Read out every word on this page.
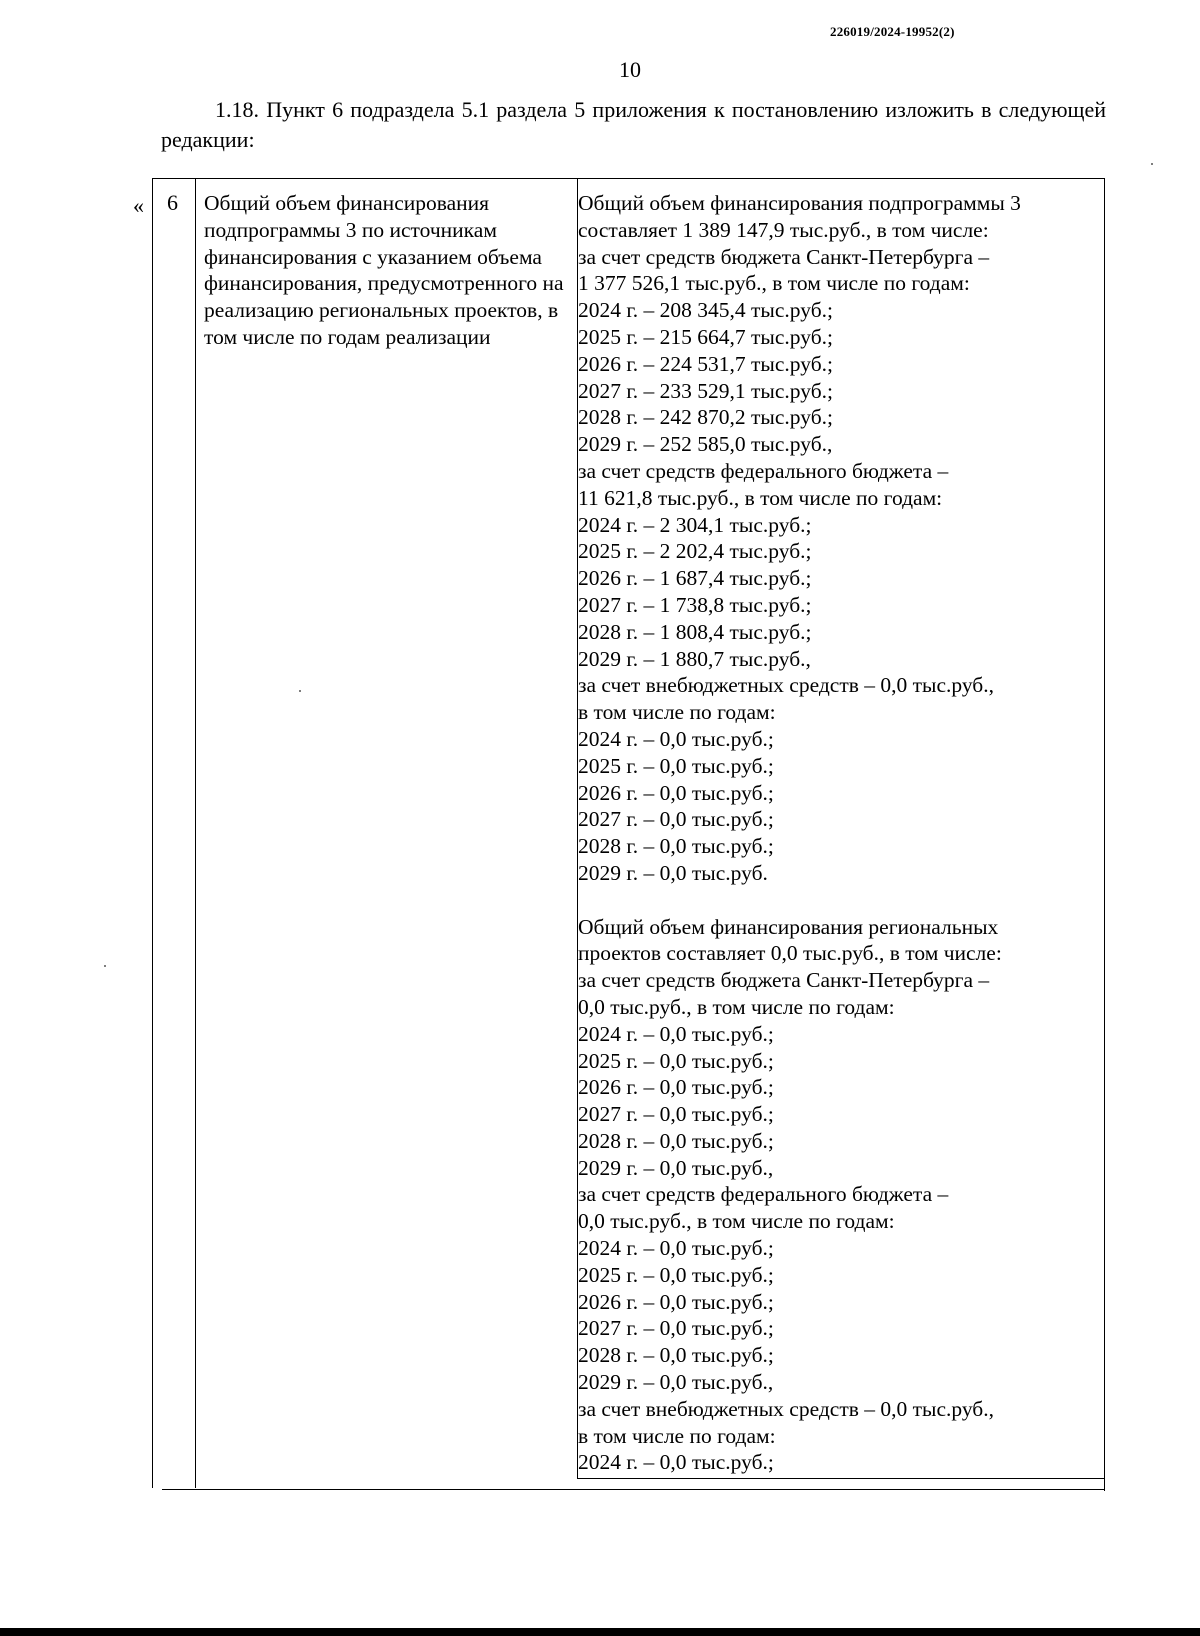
226019/2024-19952(2)
10
1.18. Пункт 6 подраздела 5.1 раздела 5 приложения к постановлению изложить в следующей редакции:
« 6 Общий объем финансирования подпрограммы 3 по источникам финансирования с указанием объема финансирования, предусмотренного на реализацию региональных проектов, в том числе по годам реализации
Общий объем финансирования подпрограммы 3
составляет 1 389 147,9 тыс.руб., в том числе:
за счет средств бюджета Санкт-Петербурга –
1 377 526,1 тыс.руб., в том числе по годам:
2024 г. – 208 345,4 тыс.руб.;
2025 г. – 215 664,7 тыс.руб.;
2026 г. – 224 531,7 тыс.руб.;
2027 г. – 233 529,1 тыс.руб.;
2028 г. – 242 870,2 тыс.руб.;
2029 г. – 252 585,0 тыс.руб.,
за счет средств федерального бюджета –
11 621,8 тыс.руб., в том числе по годам:
2024 г. – 2 304,1 тыс.руб.;
2025 г. – 2 202,4 тыс.руб.;
2026 г. – 1 687,4 тыс.руб.;
2027 г. – 1 738,8 тыс.руб.;
2028 г. – 1 808,4 тыс.руб.;
2029 г. – 1 880,7 тыс.руб.,
за счет внебюджетных средств – 0,0 тыс.руб.,
в том числе по годам:
2024 г. – 0,0 тыс.руб.;
2025 г. – 0,0 тыс.руб.;
2026 г. – 0,0 тыс.руб.;
2027 г. – 0,0 тыс.руб.;
2028 г. – 0,0 тыс.руб.;
2029 г. – 0,0 тыс.руб.
Общий объем финансирования региональных
проектов составляет 0,0 тыс.руб., в том числе:
за счет средств бюджета Санкт-Петербурга –
0,0 тыс.руб., в том числе по годам:
2024 г. – 0,0 тыс.руб.;
2025 г. – 0,0 тыс.руб.;
2026 г. – 0,0 тыс.руб.;
2027 г. – 0,0 тыс.руб.;
2028 г. – 0,0 тыс.руб.;
2029 г. – 0,0 тыс.руб.,
за счет средств федерального бюджета –
0,0 тыс.руб., в том числе по годам:
2024 г. – 0,0 тыс.руб.;
2025 г. – 0,0 тыс.руб.;
2026 г. – 0,0 тыс.руб.;
2027 г. – 0,0 тыс.руб.;
2028 г. – 0,0 тыс.руб.;
2029 г. – 0,0 тыс.руб.,
за счет внебюджетных средств – 0,0 тыс.руб.,
в том числе по годам:
2024 г. – 0,0 тыс.руб.;
